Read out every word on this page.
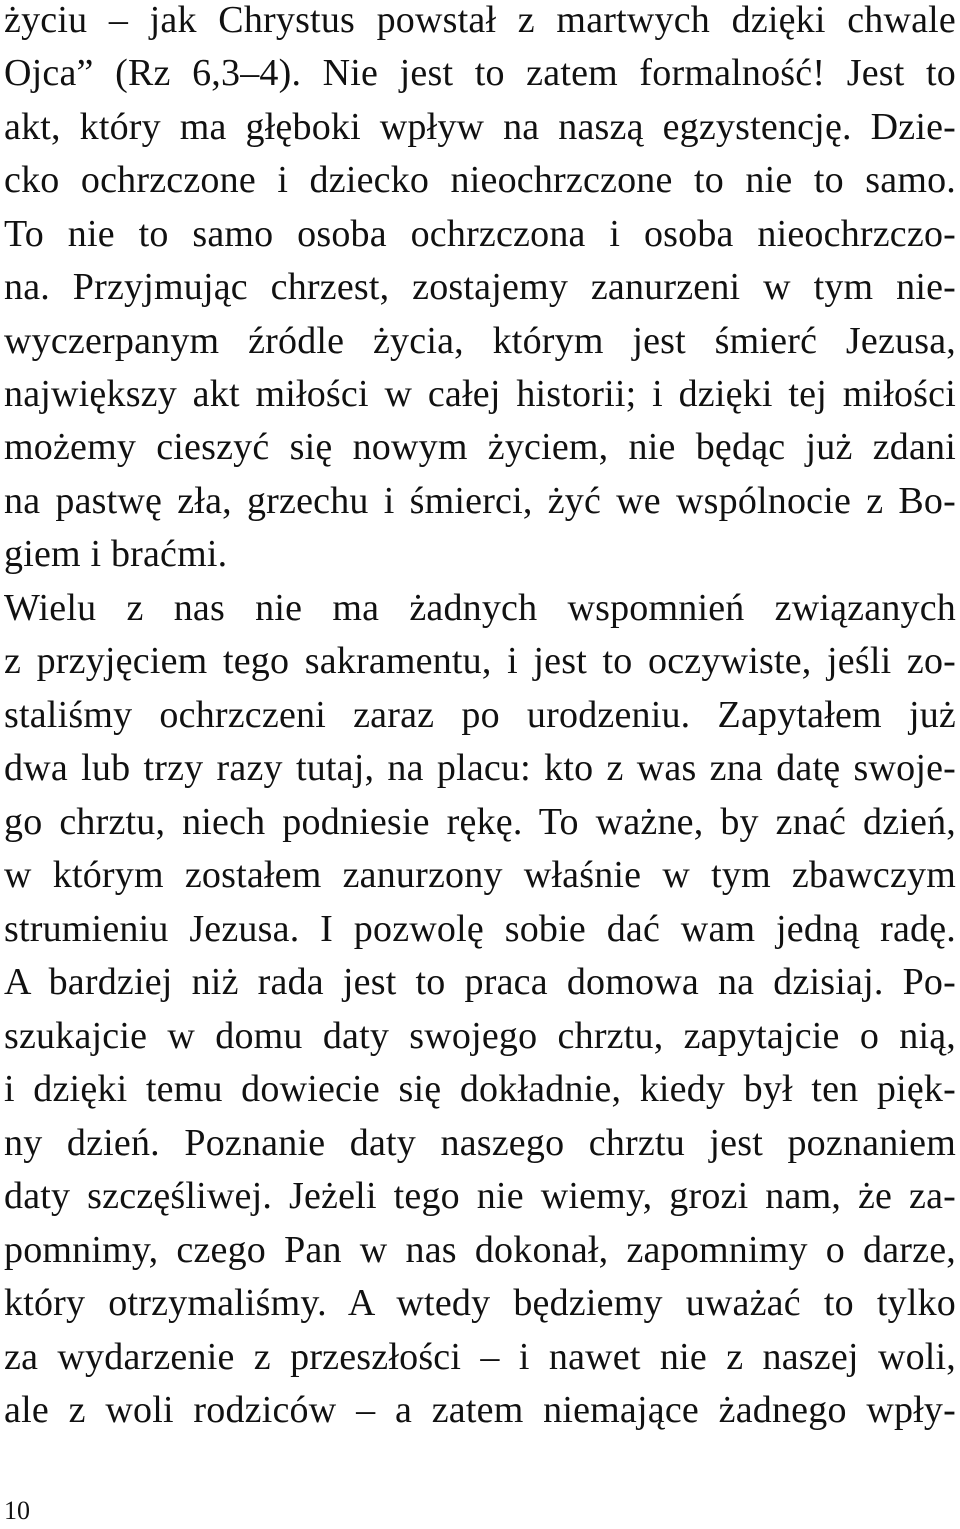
życiu – jak Chrystus powstał z martwych dzięki chwale
Ojca” (Rz 6,3–4). Nie jest to zatem formalność! Jest to
akt, który ma głęboki wpływ na naszą egzystencję. Dzie-
cko ochrzczone i dziecko nieochrzczone to nie to samo.
To nie to samo osoba ochrzczona i osoba nieochrzczo-
na. Przyjmując chrzest, zostajemy zanurzeni w tym nie-
wyczerpanym źródle życia, którym jest śmierć Jezusa,
największy akt miłości w całej historii; i dzięki tej miłości
możemy cieszyć się nowym życiem, nie będąc już zdani
na pastwę zła, grzechu i śmierci, żyć we wspólnocie z Bo-
giem i braćmi.
Wielu z nas nie ma żadnych wspomnień związanych
z przyjęciem tego sakramentu, i jest to oczywiste, jeśli zo-
staliśmy ochrzczeni zaraz po urodzeniu. Zapytałem już
dwa lub trzy razy tutaj, na placu: kto z was zna datę swoje-
go chrztu, niech podniesie rękę. To ważne, by znać dzień,
w którym zostałem zanurzony właśnie w tym zbawczym
strumieniu Jezusa. I pozwolę sobie dać wam jedną radę.
A bardziej niż rada jest to praca domowa na dzisiaj. Po-
szukajcie w domu daty swojego chrztu, zapytajcie o nią,
i dzięki temu dowiecie się dokładnie, kiedy był ten pięk-
ny dzień. Poznanie daty naszego chrztu jest poznaniem
daty szczęśliwej. Jeżeli tego nie wiemy, grozi nam, że za-
pomnimy, czego Pan w nas dokonał, zapomnimy o darze,
który otrzymaliśmy. A wtedy będziemy uważać to tylko
za wydarzenie z przeszłości – i nawet nie z naszej woli,
ale z woli rodziców – a zatem niemające żadnego wpły-
10
